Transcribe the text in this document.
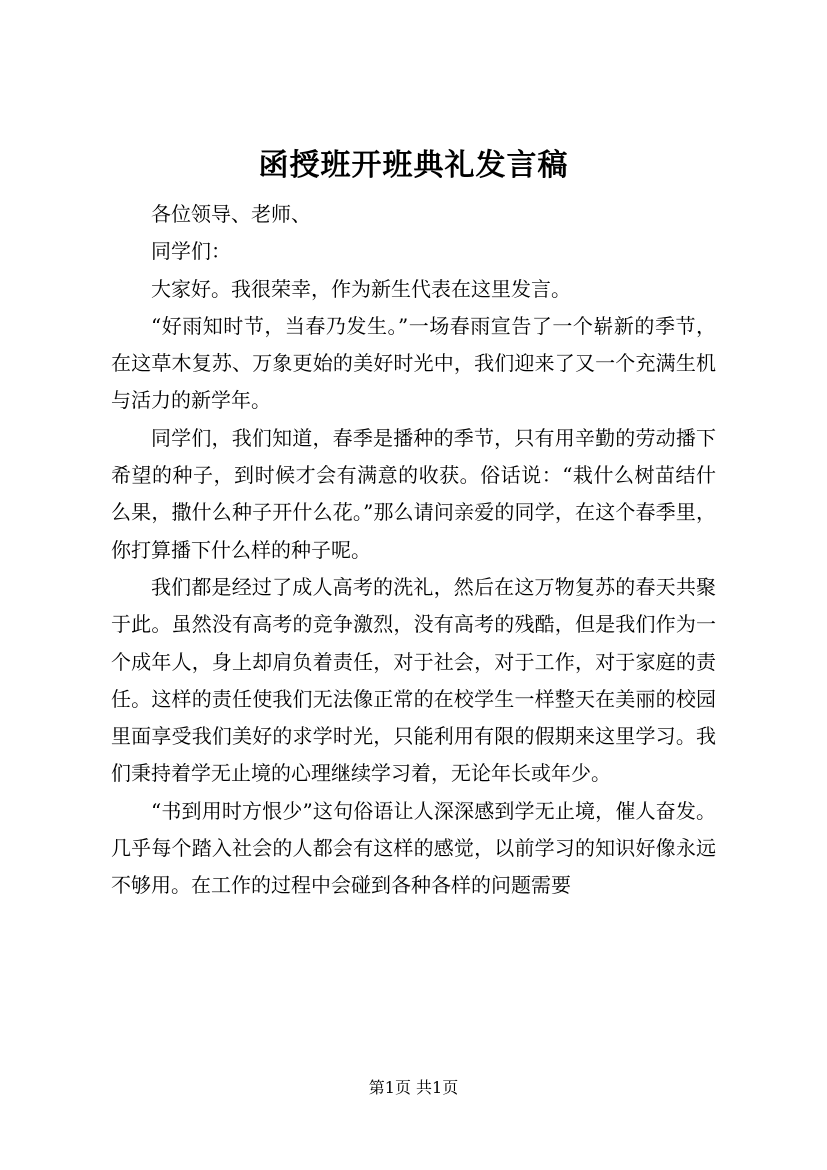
函授班开班典礼发言稿

各位领导、老师、

同学们：

大家好。我很荣幸，作为新生代表在这里发言。

“好雨知时节，当春乃发生。”一场春雨宣告了一个崭新的季节，在这草木复苏、万象更始的美好时光中，我们迎来了又一个充满生机与活力的新学年。

同学们，我们知道，春季是播种的季节，只有用辛勤的劳动播下希望的种子，到时候才会有满意的收获。俗话说：“栽什么树苗结什么果，撒什么种子开什么花。”那么请问亲爱的同学，在这个春季里，你打算播下什么样的种子呢。

我们都是经过了成人高考的洗礼，然后在这万物复苏的春天共聚于此。虽然没有高考的竞争激烈，没有高考的残酷，但是我们作为一个成年人，身上却肩负着责任，对于社会，对于工作，对于家庭的责任。这样的责任使我们无法像正常的在校学生一样整天在美丽的校园里面享受我们美好的求学时光，只能利用有限的假期来这里学习。我们秉持着学无止境的心理继续学习着，无论年长或年少。

“书到用时方恨少”这句俗语让人深深感到学无止境，催人奋发。几乎每个踏入社会的人都会有这样的感觉，以前学习的知识好像永远不够用。在工作的过程中会碰到各种各样的问题需要

第1页 共1页
